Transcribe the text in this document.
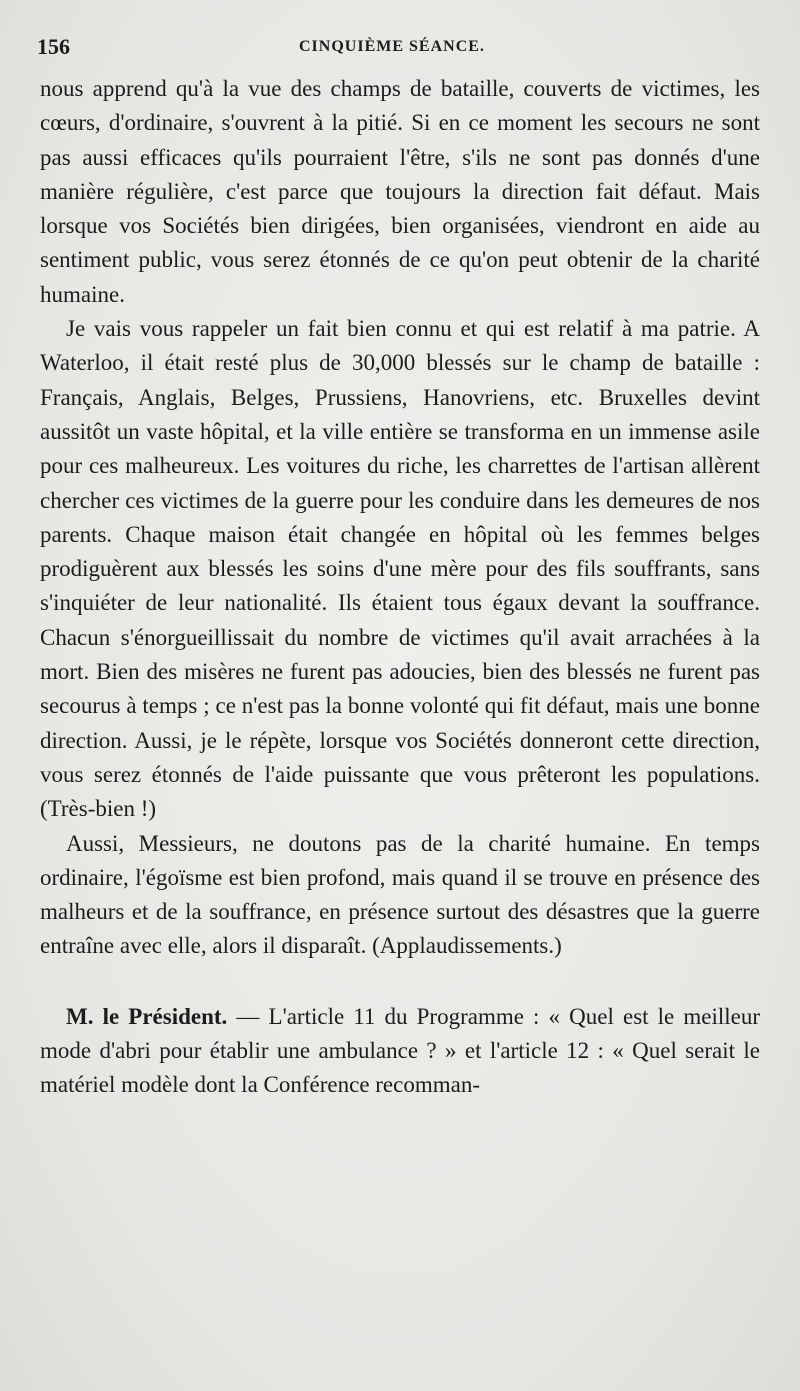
156	CINQUIÈME SÉANCE.

nous apprend qu'à la vue des champs de bataille, couverts de victimes, les cœurs, d'ordinaire, s'ouvrent à la pitié. Si en ce moment les secours ne sont pas aussi efficaces qu'ils pourraient l'être, s'ils ne sont pas donnés d'une manière régulière, c'est parce que toujours la direction fait défaut. Mais lorsque vos Sociétés bien dirigées, bien organisées, viendront en aide au sentiment public, vous serez étonnés de ce qu'on peut obtenir de la charité humaine.

Je vais vous rappeler un fait bien connu et qui est relatif à ma patrie. A Waterloo, il était resté plus de 30,000 blessés sur le champ de bataille : Français, Anglais, Belges, Prussiens, Hanovriens, etc. Bruxelles devint aussitôt un vaste hôpital, et la ville entière se transforma en un immense asile pour ces malheureux. Les voitures du riche, les charrettes de l'artisan allèrent chercher ces victimes de la guerre pour les conduire dans les demeures de nos parents. Chaque maison était changée en hôpital où les femmes belges prodiguèrent aux blessés les soins d'une mère pour des fils souffrants, sans s'inquiéter de leur nationalité. Ils étaient tous égaux devant la souffrance. Chacun s'énorgueillissait du nombre de victimes qu'il avait arrachées à la mort. Bien des misères ne furent pas adoucies, bien des blessés ne furent pas secourus à temps ; ce n'est pas la bonne volonté qui fit défaut, mais une bonne direction. Aussi, je le répète, lorsque vos Sociétés donneront cette direction, vous serez étonnés de l'aide puissante que vous prêteront les populations. (Très-bien !)

Aussi, Messieurs, ne doutons pas de la charité humaine. En temps ordinaire, l'égoïsme est bien profond, mais quand il se trouve en présence des malheurs et de la souffrance, en présence surtout des désastres que la guerre entraîne avec elle, alors il disparaît. (Applaudissements.)

M. le Président. — L'article 11 du Programme : « Quel est le meilleur mode d'abri pour établir une ambulance ? » et l'article 12 : « Quel serait le matériel modèle dont la Conférence recomman-
